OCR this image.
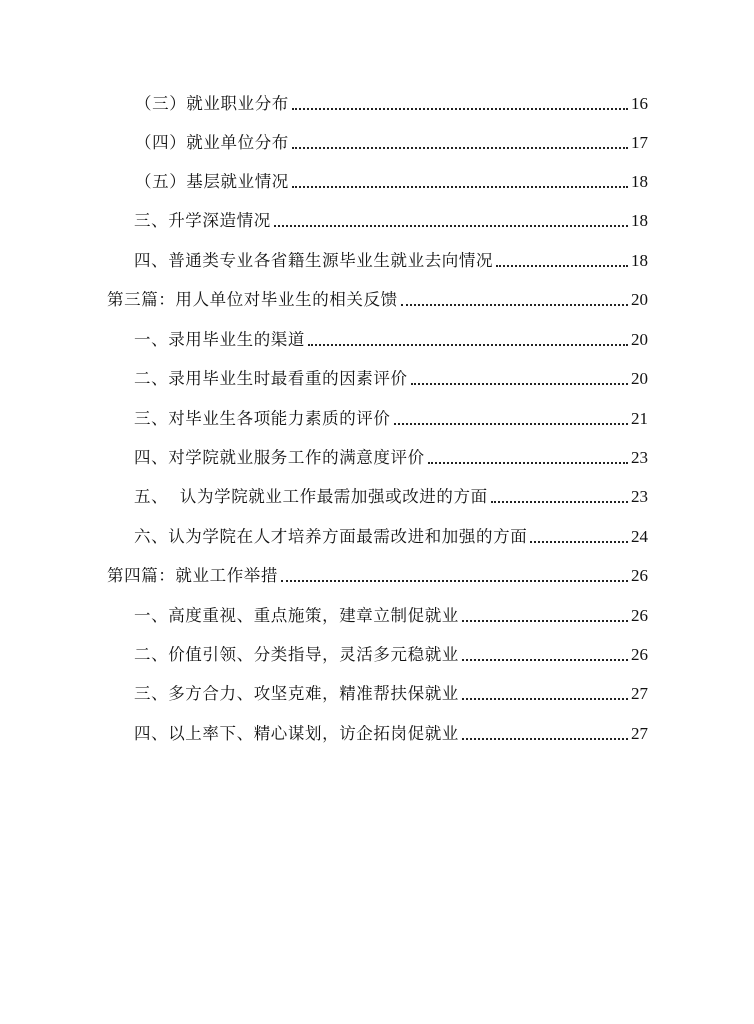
（三）就业职业分布	16
（四）就业单位分布	17
（五）基层就业情况	18
三、升学深造情况	18
四、普通类专业各省籍生源毕业生就业去向情况	18
第三篇：用人单位对毕业生的相关反馈	20
一、录用毕业生的渠道	20
二、录用毕业生时最看重的因素评价	20
三、对毕业生各项能力素质的评价	21
四、对学院就业服务工作的满意度评价	23
五、  认为学院就业工作最需加强或改进的方面	23
六、认为学院在人才培养方面最需改进和加强的方面	24
第四篇：就业工作举措	26
一、高度重视、重点施策，建章立制促就业	26
二、价值引领、分类指导，灵活多元稳就业	26
三、多方合力、攻坚克难，精准帮扶保就业	27
四、以上率下、精心谋划，访企拓岗促就业	27
